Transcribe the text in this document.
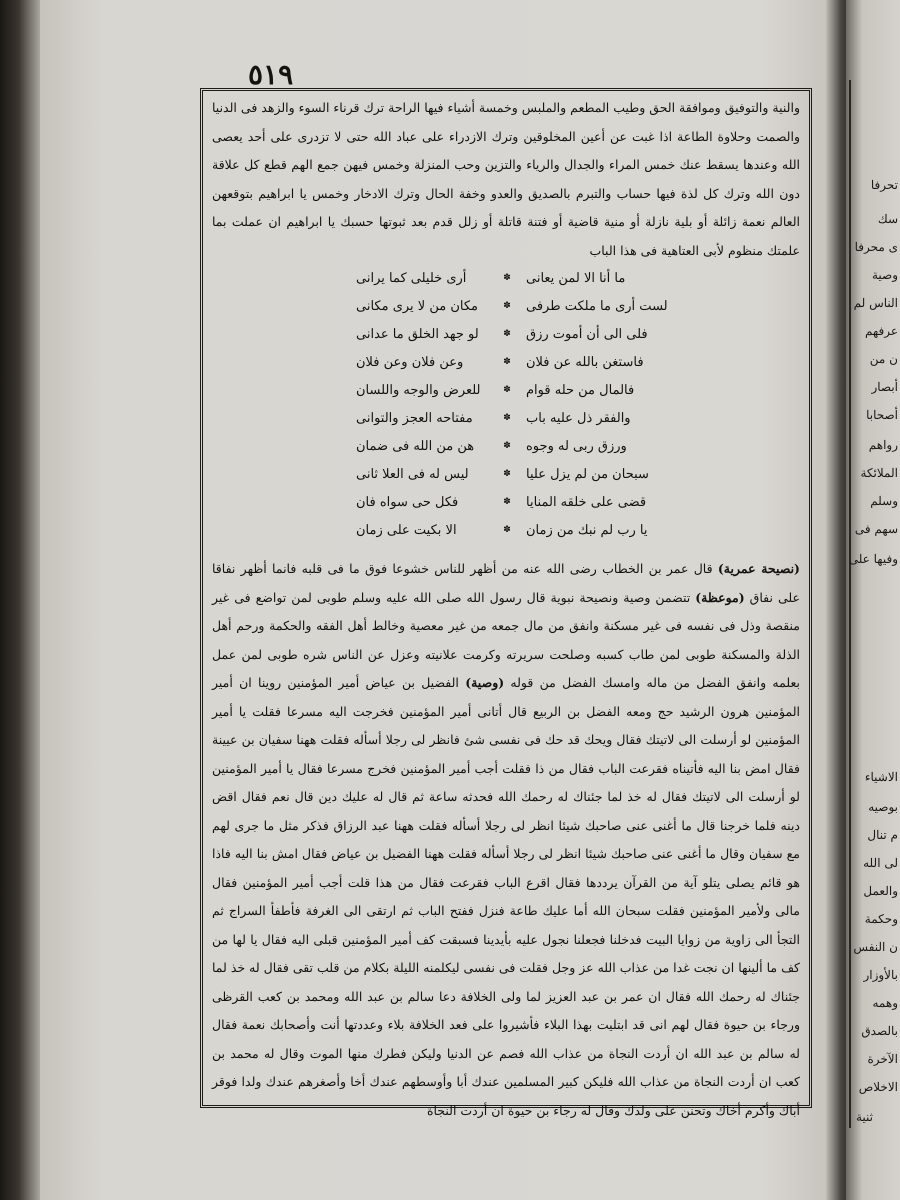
٥١٩
والنية والتوفيق وموافقة الحق وطيب المطعم والملبس وخمسة أشياء فيها الراحة ترك قرناء السوء والزهد فى الدنيا والصمت وحلاوة الطاعة اذا غبت عن أعين المخلوقين وترك الازدراء على عباد الله حتى لا تزدرى على أحد يعصى الله وعندها يسقط عنك خمس المراء والجدال والرياء والتزين وحب المنزلة وخمس فيهن جمع الهم قطع كل علاقة دون الله وترك كل لذة فيها حساب والتبرم بالصديق والعدو وخفة الحال وترك الادخار وخمس يا ابراهيم بتوقعهن العالم نعمة زائلة أو بلية نازلة أو منية قاضية أو فتنة قاتلة أو زلل قدم بعد ثبوتها حسبك يا ابراهيم ان عملت بما علمتك منظوم لأبى العتاهية فى هذا الباب
ما أنا الا لمن يعانى
✽
أرى خليلى كما يرانى
لست أرى ما ملكت طرفى
✽
مكان من لا يرى مكانى
فلى الى أن أموت رزق
✽
لو جهد الخلق ما عدانى
فاستغن بالله عن فلان
✽
وعن فلان وعن فلان
فالمال من حله قوام
✽
للعرض والوجه واللسان
والفقر ذل عليه باب
✽
مفتاحه العجز والتوانى
ورزق ربى له وجوه
✽
هن من الله فى ضمان
سبحان من لم يزل عليا
✽
ليس له فى العلا ثانى
قضى على خلقه المنايا
✽
فكل حى سواه فان
يا رب لم نبك من زمان
✽
الا بكيت على زمان
(نصيحة عمرية) قال عمر بن الخطاب رضى الله عنه من أظهر للناس خشوعا فوق ما فى قلبه فانما أظهر نفاقا على نفاق (موعظة) تتضمن وصية ونصيحة نبوية قال رسول الله صلى الله عليه وسلم طوبى لمن تواضع فى غير منقصة وذل فى نفسه فى غير مسكنة وانفق من مال جمعه من غير معصية وخالط أهل الفقه والحكمة ورحم أهل الذلة والمسكنة طوبى لمن طاب كسبه وصلحت سريرته وكرمت علانيته وعزل عن الناس شره طوبى لمن عمل بعلمه وانفق الفضل من ماله وامسك الفضل من قوله (وصية) الفضيل بن عياض أمير المؤمنين روينا ان أمير المؤمنين هرون الرشيد حج ومعه الفضل بن الربيع قال أتانى أمير المؤمنين فخرجت اليه مسرعا فقلت يا أمير المؤمنين لو أرسلت الى لاتيتك فقال ويحك قد حك فى نفسى شئ فانظر لى رجلا أسأله فقلت ههنا سفيان بن عيينة فقال امض بنا اليه فأتيناه فقرعت الباب فقال من ذا فقلت أجب أمير المؤمنين فخرج مسرعا فقال يا أمير المؤمنين لو أرسلت الى لاتيتك فقال له خذ لما جئناك له رحمك الله فحدثه ساعة ثم قال له عليك دين قال نعم فقال اقض دينه فلما خرجنا قال ما أغنى عنى صاحبك شيئا انظر لى رجلا أسأله فقلت ههنا عبد الرزاق فذكر مثل ما جرى لهم مع سفيان وقال ما أغنى عنى صاحبك شيئا انظر لى رجلا أسأله فقلت ههنا الفضيل بن عياض فقال امش بنا اليه فاذا هو قائم يصلى يتلو آية من القرآن يرددها فقال اقرع الباب فقرعت فقال من هذا قلت أجب أمير المؤمنين فقال مالى ولأمير المؤمنين فقلت سبحان الله أما عليك طاعة فنزل ففتح الباب ثم ارتقى الى الغرفة فأطفأ السراج ثم التجأ الى زاوية من زوايا البيت فدخلنا فجعلنا نجول عليه بأيدينا فسبقت كف أمير المؤمنين قبلى اليه فقال يا لها من كف ما ألينها ان نجت غدا من عذاب الله عز وجل فقلت فى نفسى ليكلمنه الليلة بكلام من قلب تقى فقال له خذ لما جئناك له رحمك الله فقال ان عمر بن عبد العزيز لما ولى الخلافة دعا سالم بن عبد الله ومحمد بن كعب القرظى ورجاء بن حيوة فقال لهم انى قد ابتليت بهذا البلاء فأشيروا على فعد الخلافة بلاء وعددتها أنت وأصحابك نعمة فقال له سالم بن عبد الله ان أردت النجاة من عذاب الله فصم عن الدنيا وليكن فطرك منها الموت وقال له محمد بن كعب ان أردت النجاة من عذاب الله فليكن كبير المسلمين عندك أبا وأوسطهم عندك أخا وأصغرهم عندك ولدا فوقر أباك وأكرم أخاك وتحنن على ولدك وقال له رجاء بن حيوة ان أردت النجاة
تحرفا
سك
ى محرفا
وصية
الناس لم
عرفهم
ن من
أبصار
أصحابا
رواهم
الملائكة
وسلم
سهم فى
وفيها على
الاشياء
بوصيه
م تنال
لى الله
والعمل
وحكمة
ن النفس
بالأوزار
وهمه
بالصدق
الآخرة
الاخلاص
ثنية
